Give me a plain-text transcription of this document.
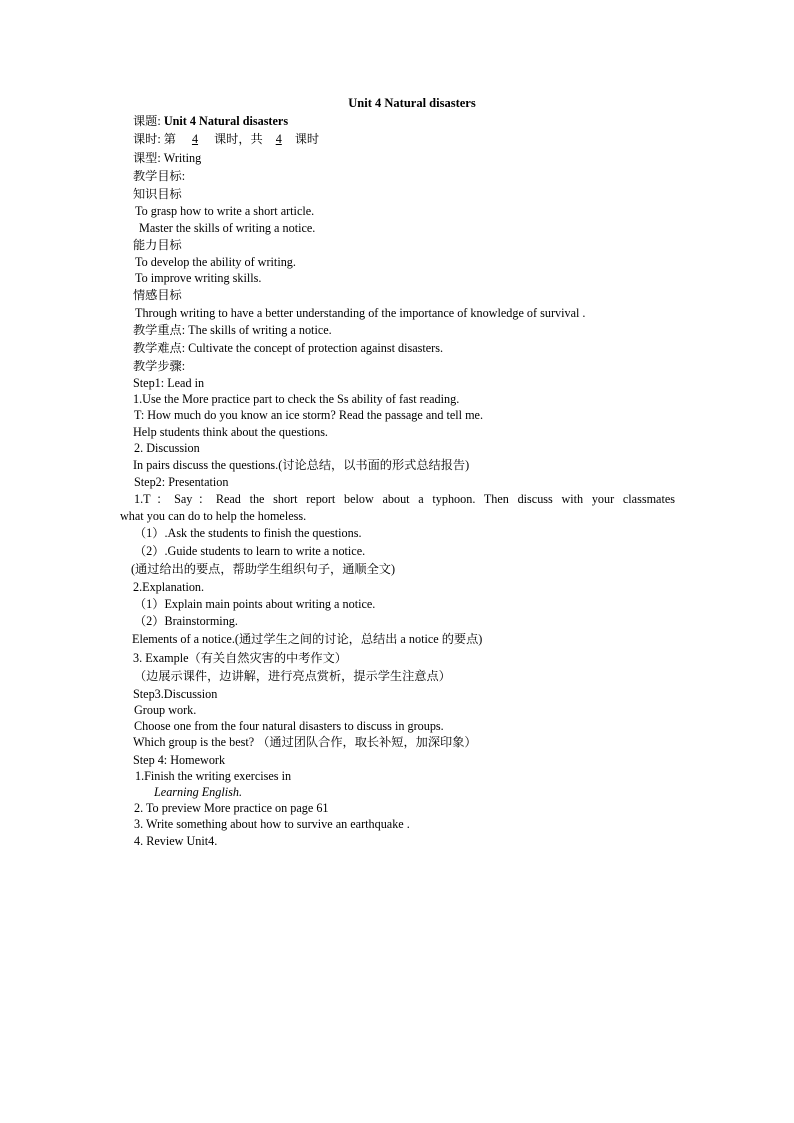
Unit 4 Natural disasters
课题: Unit 4 Natural disasters
课时: 第 4 课时，共 4 课时
课型: Writing
教学目标:
知识目标
To grasp how to write a short article.
Master the skills of writing a notice.
能力目标
To develop the ability of writing.
To improve writing skills.
情感目标
Through writing to have a better understanding of the importance of knowledge of survival .
教学重点: The skills of writing a notice.
教学难点: Cultivate the concept of protection against disasters.
教学步骤:
Step1: Lead in
1.Use the More practice part to check the Ss ability of fast reading.
T: How much do you know an ice storm? Read the passage and tell me.
Help students think about the questions.
2. Discussion
In pairs discuss the questions.(讨论总结，以书面的形式总结报告)
Step2: Presentation
1.T：Say：Read the short report below about a typhoon. Then discuss with your classmates
what you can do to help the homeless.
（1）.Ask the students to finish the questions.
（2）.Guide students to learn to write a notice.
(通过给出的要点，帮助学生组织句子，通顺全文)
2.Explanation.
（1）Explain main points about writing a notice.
（2）Brainstorming.
Elements of a notice.(通过学生之间的讨论，总结出 a notice 的要点)
3. Example（有关自然灾害的中考作文）
（边展示课件，边讲解，进行亮点赏析，提示学生注意点）
Step3.Discussion
Group work.
Choose one from the four natural disasters to discuss in groups.
Which group is the best? （通过团队合作，取长补短，加深印象）
Step 4: Homework
1.Finish the writing exercises in
Learning English.
2. To preview More practice on page 61
3. Write something about how to survive an earthquake .
4. Review Unit4.
